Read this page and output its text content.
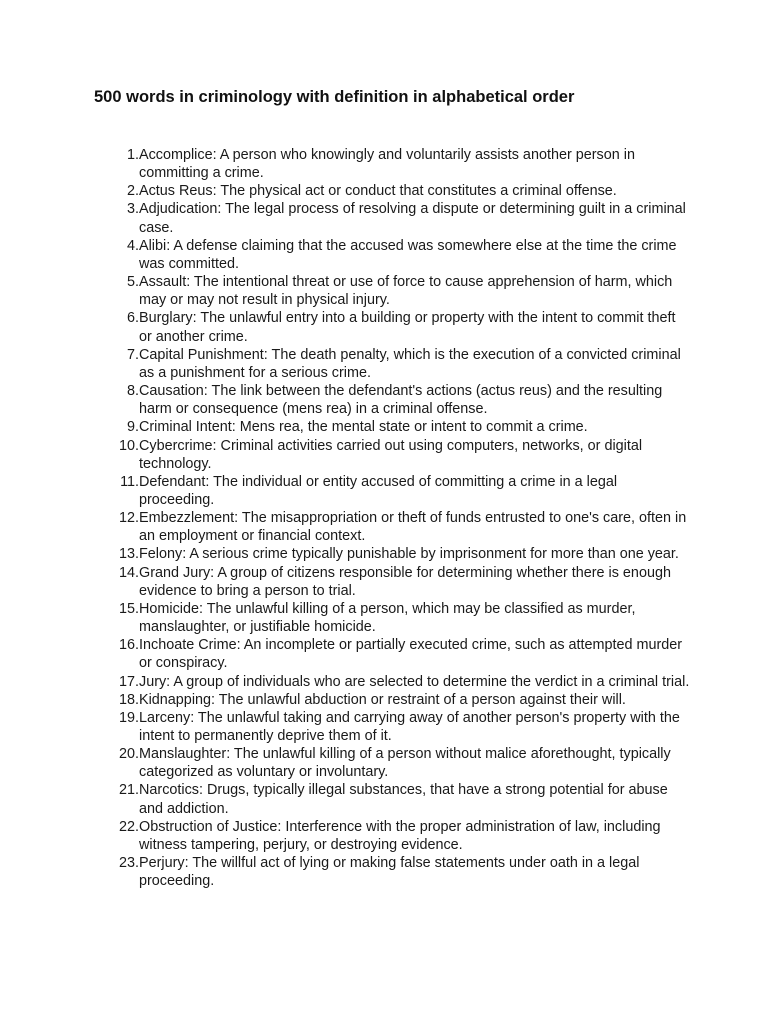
500 words in criminology with definition in alphabetical order
1. Accomplice: A person who knowingly and voluntarily assists another person in committing a crime.
2. Actus Reus: The physical act or conduct that constitutes a criminal offense.
3. Adjudication: The legal process of resolving a dispute or determining guilt in a criminal case.
4. Alibi: A defense claiming that the accused was somewhere else at the time the crime was committed.
5. Assault: The intentional threat or use of force to cause apprehension of harm, which may or may not result in physical injury.
6. Burglary: The unlawful entry into a building or property with the intent to commit theft or another crime.
7. Capital Punishment: The death penalty, which is the execution of a convicted criminal as a punishment for a serious crime.
8. Causation: The link between the defendant's actions (actus reus) and the resulting harm or consequence (mens rea) in a criminal offense.
9. Criminal Intent: Mens rea, the mental state or intent to commit a crime.
10. Cybercrime: Criminal activities carried out using computers, networks, or digital technology.
11. Defendant: The individual or entity accused of committing a crime in a legal proceeding.
12. Embezzlement: The misappropriation or theft of funds entrusted to one's care, often in an employment or financial context.
13. Felony: A serious crime typically punishable by imprisonment for more than one year.
14. Grand Jury: A group of citizens responsible for determining whether there is enough evidence to bring a person to trial.
15. Homicide: The unlawful killing of a person, which may be classified as murder, manslaughter, or justifiable homicide.
16. Inchoate Crime: An incomplete or partially executed crime, such as attempted murder or conspiracy.
17. Jury: A group of individuals who are selected to determine the verdict in a criminal trial.
18. Kidnapping: The unlawful abduction or restraint of a person against their will.
19. Larceny: The unlawful taking and carrying away of another person's property with the intent to permanently deprive them of it.
20. Manslaughter: The unlawful killing of a person without malice aforethought, typically categorized as voluntary or involuntary.
21. Narcotics: Drugs, typically illegal substances, that have a strong potential for abuse and addiction.
22. Obstruction of Justice: Interference with the proper administration of law, including witness tampering, perjury, or destroying evidence.
23. Perjury: The willful act of lying or making false statements under oath in a legal proceeding.
